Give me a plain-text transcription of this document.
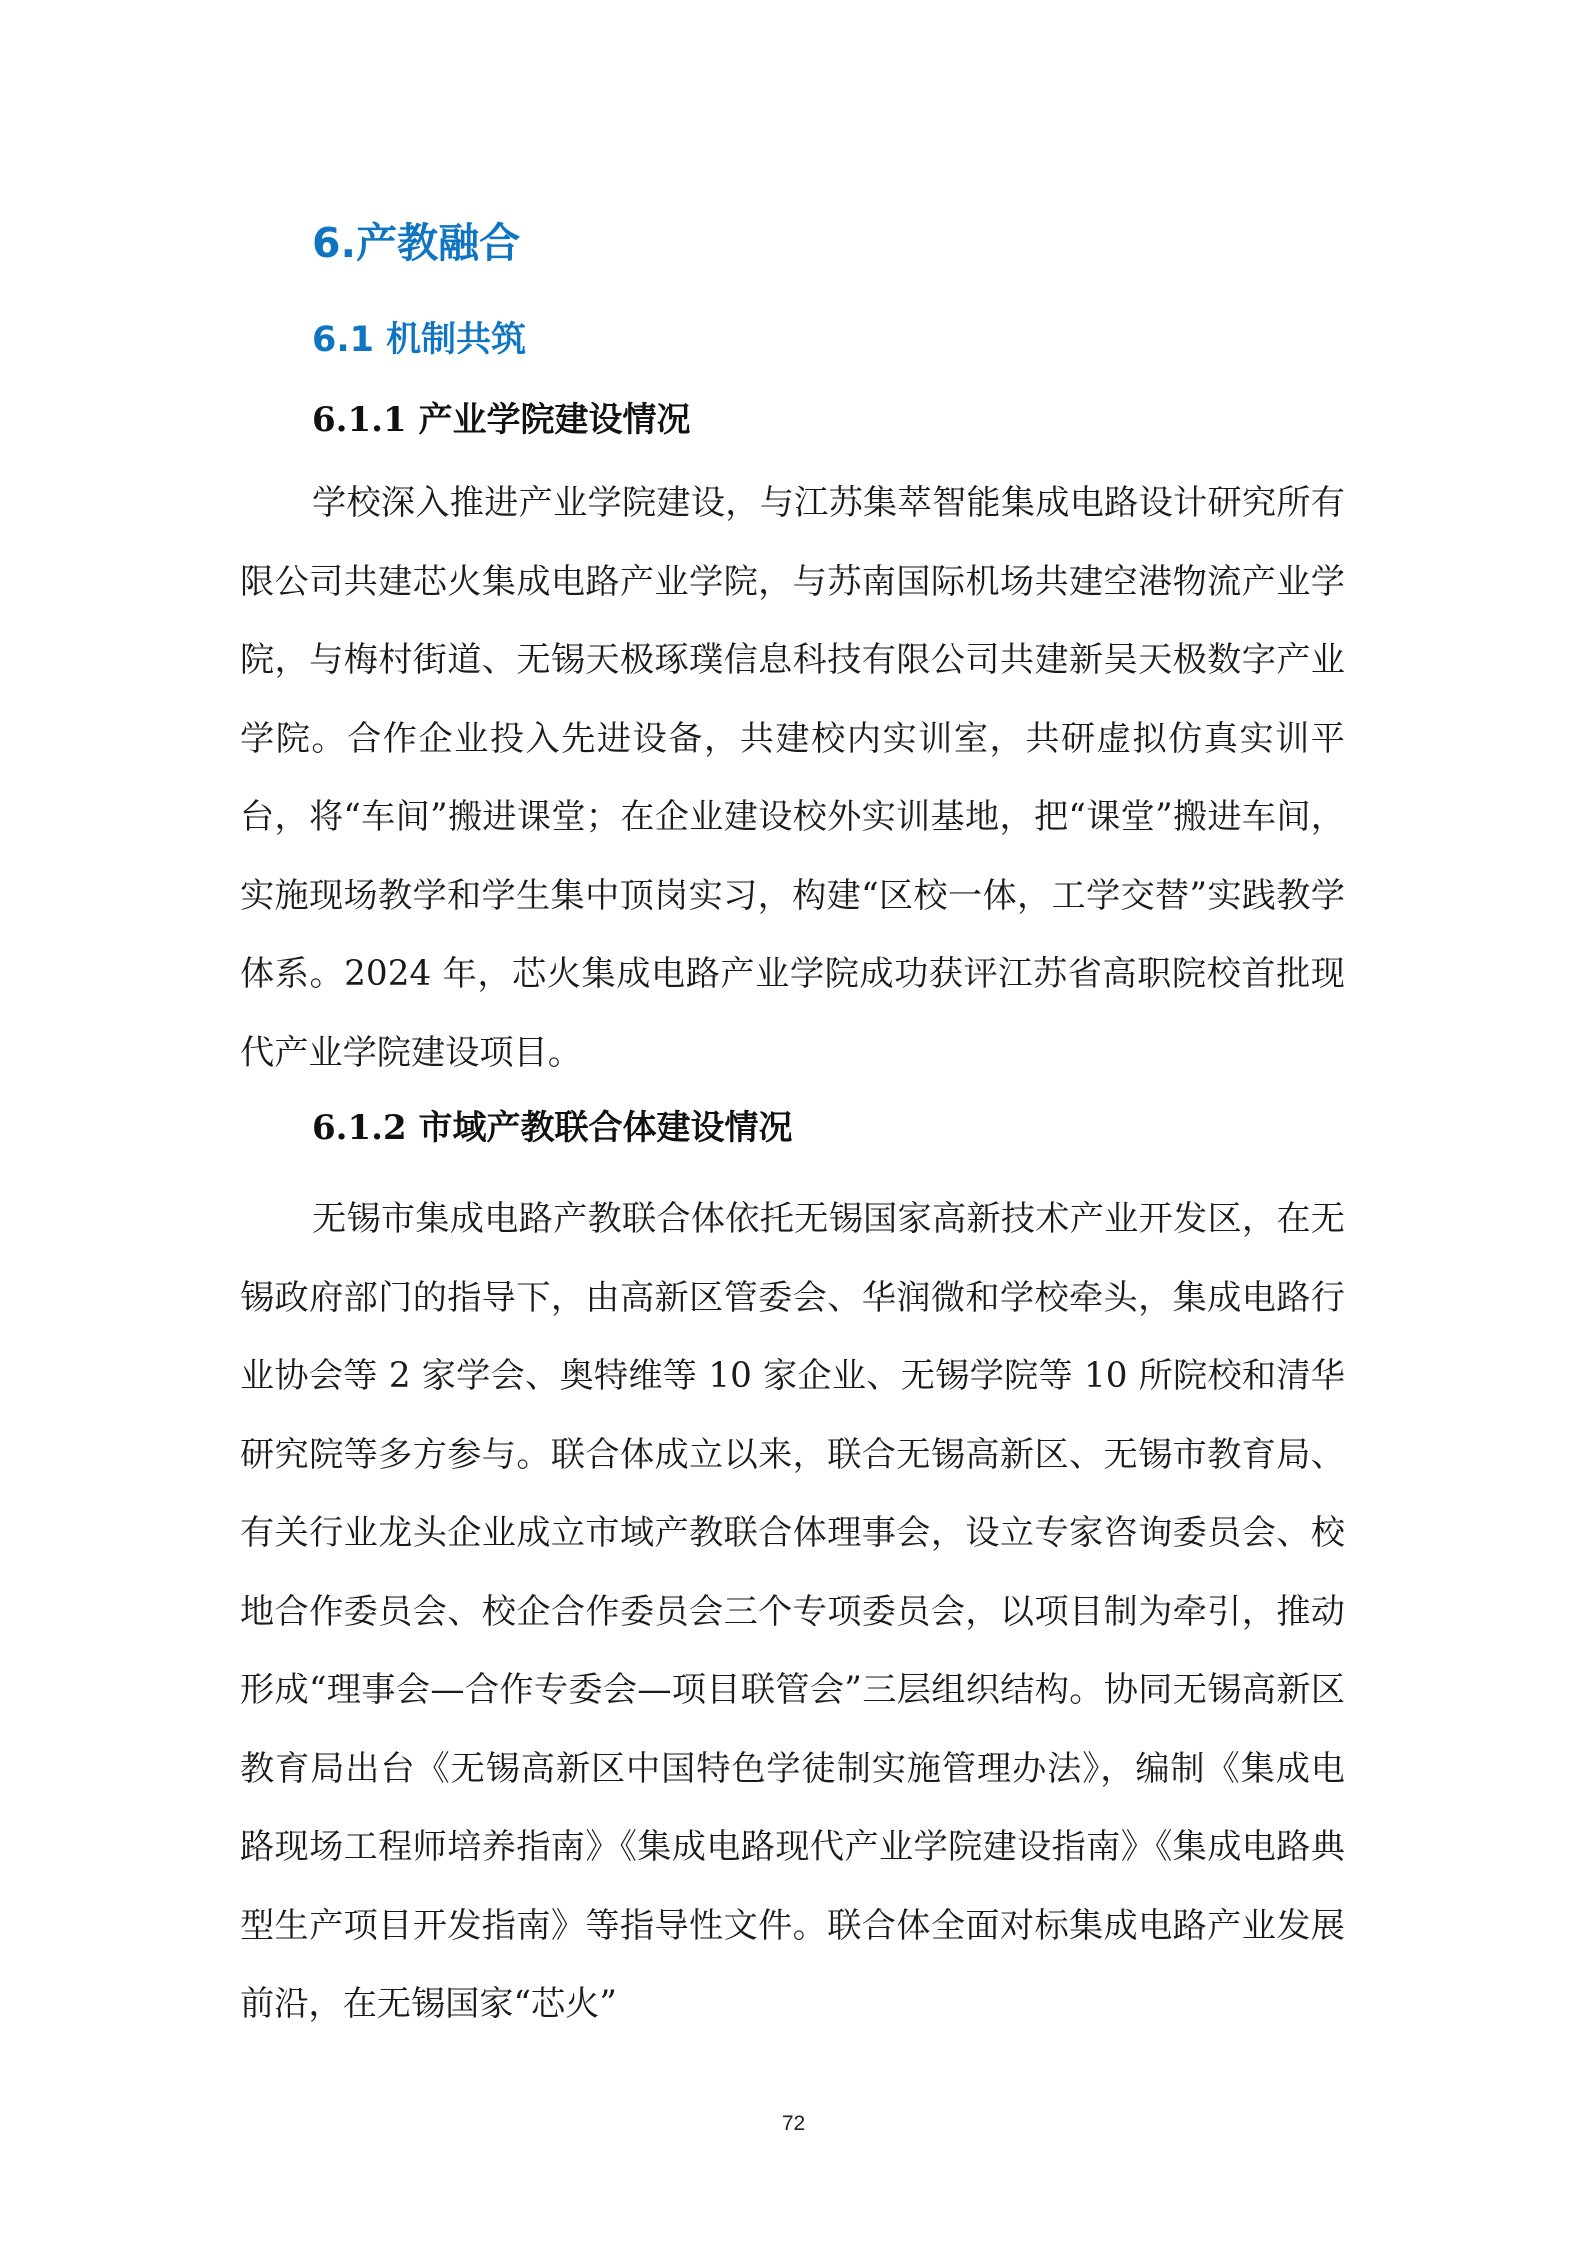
6.产教融合
6.1 机制共筑
6.1.1 产业学院建设情况

学校深入推进产业学院建设，与江苏集萃智能集成电路设计研究所有限公司共建芯火集成电路产业学院，与苏南国际机场共建空港物流产业学院，与梅村街道、无锡天极琢璞信息科技有限公司共建新吴天极数字产业学院。合作企业投入先进设备，共建校内实训室，共研虚拟仿真实训平台，将“车间”搬进课堂；在企业建设校外实训基地，把“课堂”搬进车间，实施现场教学和学生集中顶岗实习，构建“区校一体，工学交替”实践教学体系。2024 年，芯火集成电路产业学院成功获评江苏省高职院校首批现代产业学院建设项目。

6.1.2 市域产教联合体建设情况

无锡市集成电路产教联合体依托无锡国家高新技术产业开发区，在无锡政府部门的指导下，由高新区管委会、华润微和学校牵头，集成电路行业协会等 2 家学会、奥特维等 10 家企业、无锡学院等 10 所院校和清华研究院等多方参与。联合体成立以来，联合无锡高新区、无锡市教育局、有关行业龙头企业成立市域产教联合体理事会，设立专家咨询委员会、校地合作委员会、校企合作委员会三个专项委员会，以项目制为牵引，推动形成“理事会—合作专委会—项目联管会”三层组织结构。协同无锡高新区教育局出台《无锡高新区中国特色学徒制实施管理办法》，编制《集成电路现场工程师培养指南》《集成电路现代产业学院建设指南》《集成电路典型生产项目开发指南》等指导性文件。联合体全面对标集成电路产业发展前沿，在无锡国家“芯火”

72
